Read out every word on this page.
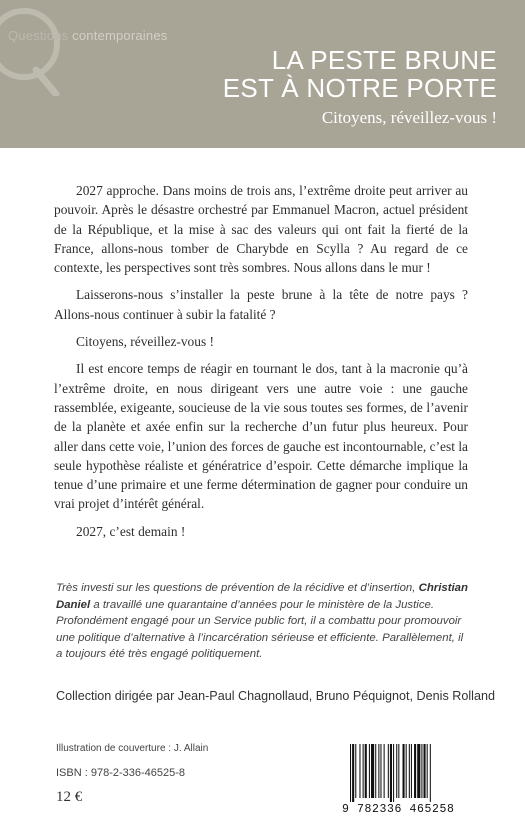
Questions contemporaines
LA PESTE BRUNE
EST À NOTRE PORTE
Citoyens, réveillez-vous !

2027 approche. Dans moins de trois ans, l’extrême droite peut arriver au pouvoir. Après le désastre orchestré par Emmanuel Macron, actuel président de la République, et la mise à sac des valeurs qui ont fait la fierté de la France, allons-nous tomber de Charybde en Scylla ? Au regard de ce contexte, les perspectives sont très sombres. Nous allons dans le mur !

Laisserons-nous s’installer la peste brune à la tête de notre pays ? Allons-nous continuer à subir la fatalité ?

Citoyens, réveillez-vous !

Il est encore temps de réagir en tournant le dos, tant à la macronie qu’à l’extrême droite, en nous dirigeant vers une autre voie : une gauche rassemblée, exigeante, soucieuse de la vie sous toutes ses formes, de l’avenir de la planète et axée enfin sur la recherche d’un futur plus heureux. Pour aller dans cette voie, l’union des forces de gauche est incontournable, c’est la seule hypothèse réaliste et génératrice d’espoir. Cette démarche implique la tenue d’une primaire et une ferme détermination de gagner pour conduire un vrai projet d’intérêt général.

2027, c’est demain !

Très investi sur les questions de prévention de la récidive et d’insertion, Christian Daniel a travaillé une quarantaine d’années pour le ministère de la Justice. Profondément engagé pour un Service public fort, il a combattu pour promouvoir une politique d’alternative à l’incarcération sérieuse et efficiente. Parallèlement, il a toujours été très engagé politiquement.
Collection dirigée par Jean-Paul Chagnollaud, Bruno Péquignot, Denis Rolland
Illustration de couverture : J. Allain
ISBN : 978-2-336-46525-8
12 €
9 782336 465258
